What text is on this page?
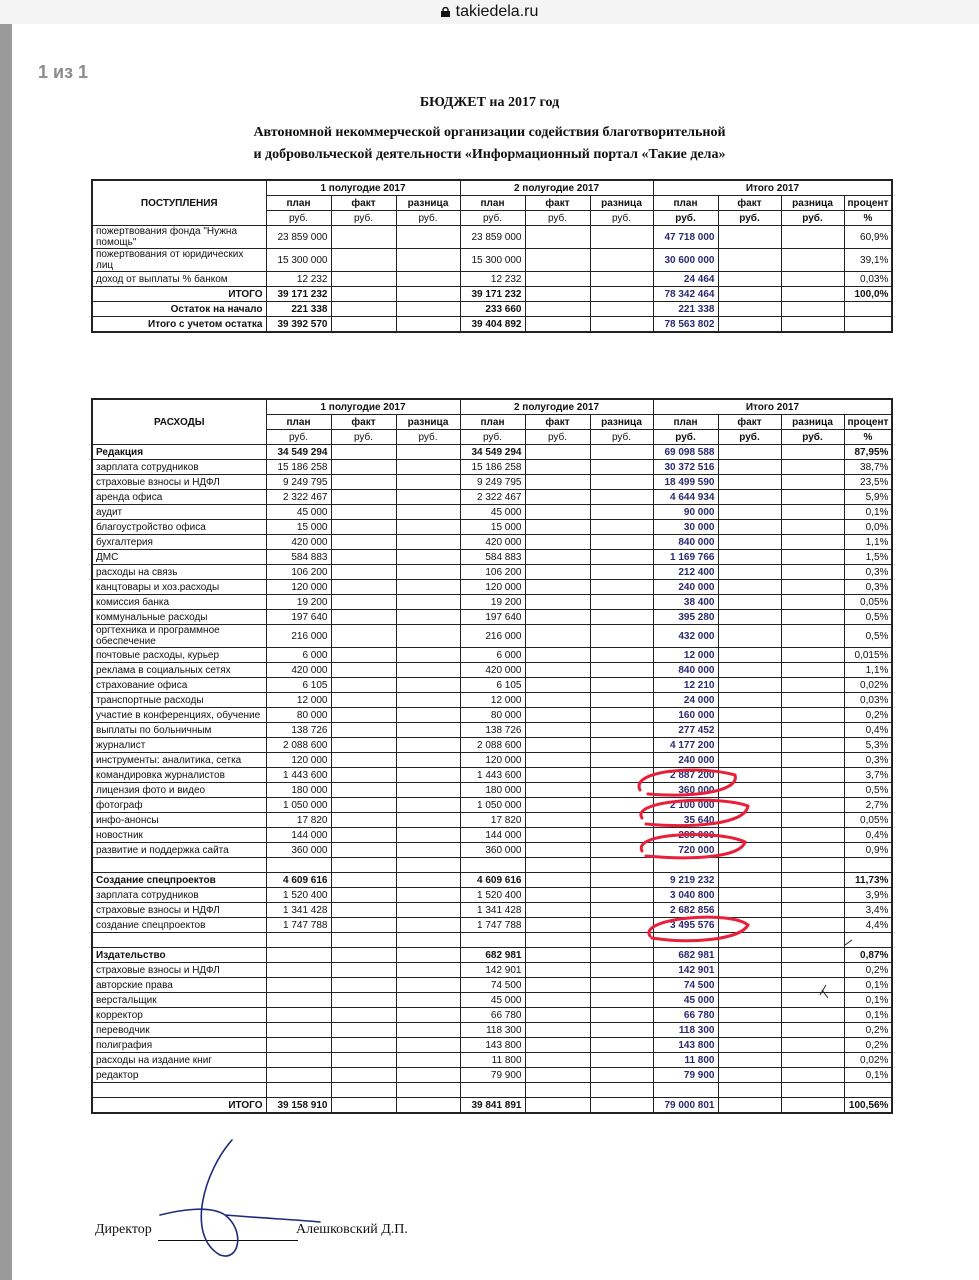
takiedela.ru
1 из 1
БЮДЖЕТ на 2017 год
Автономной некоммерческой организации содействия благотворительной
и добровольческой деятельности «Информационный портал «Такие дела»
ПОСТУПЛЕНИЯ	1 полугодие 2017			2 полугодие 2017			Итого 2017			
	план	факт	разница	план	факт	разница	план	факт	разница	процент
	руб.	руб.	руб.	руб.	руб.	руб.	руб.	руб.	руб.	%
пожертвования фонда "Нужна помощь"	23 859 000			23 859 000			47 718 000			60,9%
пожертвования от юридических лиц	15 300 000			15 300 000			30 600 000			39,1%
доход от выплаты % банком	12 232			12 232			24 464			0,03%
ИТОГО	39 171 232			39 171 232			78 342 464			100,0%
Остаток на начало	221 338			233 660			221 338			
Итого с учетом остатка	39 392 570			39 404 892			78 563 802			
РАСХОДЫ	1 полугодие 2017			2 полугодие 2017			Итого 2017			
	план	факт	разница	план	факт	разница	план	факт	разница	процент
	руб.	руб.	руб.	руб.	руб.	руб.	руб.	руб.	руб.	%
Редакция	34 549 294			34 549 294			69 098 588			87,95%
зарплата сотрудников	15 186 258			15 186 258			30 372 516			38,7%
страховые взносы и НДФЛ	9 249 795			9 249 795			18 499 590			23,5%
аренда офиса	2 322 467			2 322 467			4 644 934			5,9%
аудит	45 000			45 000			90 000			0,1%
благоустройство офиса	15 000			15 000			30 000			0,0%
бухгалтерия	420 000			420 000			840 000			1,1%
ДМС	584 883			584 883			1 169 766			1,5%
расходы на связь	106 200			106 200			212 400			0,3%
канцтовары и хоз.расходы	120 000			120 000			240 000			0,3%
комиссия банка	19 200			19 200			38 400			0,05%
коммунальные расходы	197 640			197 640			395 280			0,5%
оргтехника и программное обеспечение	216 000			216 000			432 000			0,5%
почтовые расходы, курьер	6 000			6 000			12 000			0,015%
реклама в социальных сетях	420 000			420 000			840 000			1,1%
страхование офиса	6 105			6 105			12 210			0,02%
транспортные расходы	12 000			12 000			24 000			0,03%
участие в конференциях, обучение	80 000			80 000			160 000			0,2%
выплаты по больничным	138 726			138 726			277 452			0,4%
журналист	2 088 600			2 088 600			4 177 200			5,3%
инструменты: аналитика, сетка	120 000			120 000			240 000			0,3%
командировка журналистов	1 443 600			1 443 600			2 887 200			3,7%
лицензия фото и видео	180 000			180 000			360 000			0,5%
фотограф	1 050 000			1 050 000			2 100 000			2,7%
инфо-анонсы	17 820			17 820			35 640			0,05%
новостник	144 000			144 000			288 000			0,4%
развитие и поддержка сайта	360 000			360 000			720 000			0,9%

Создание спецпроектов	4 609 616			4 609 616			9 219 232			11,73%
зарплата сотрудников	1 520 400			1 520 400			3 040 800			3,9%
страховые взносы и НДФЛ	1 341 428			1 341 428			2 682 856			3,4%
создание спецпроектов	1 747 788			1 747 788			3 495 576			4,4%

Издательство				682 981			682 981			0,87%
страховые взносы и НДФЛ				142 901			142 901			0,2%
авторские права				74 500			74 500			0,1%
верстальщик				45 000			45 000			0,1%
корректор				66 780			66 780			0,1%
переводчик				118 300			118 300			0,2%
полиграфия				143 800			143 800			0,2%
расходы на издание книг				11 800			11 800			0,02%
редактор				79 900			79 900			0,1%

ИТОГО	39 158 910			39 841 891			79 000 801			100,56%
Директор	Алешковский Д.П.
